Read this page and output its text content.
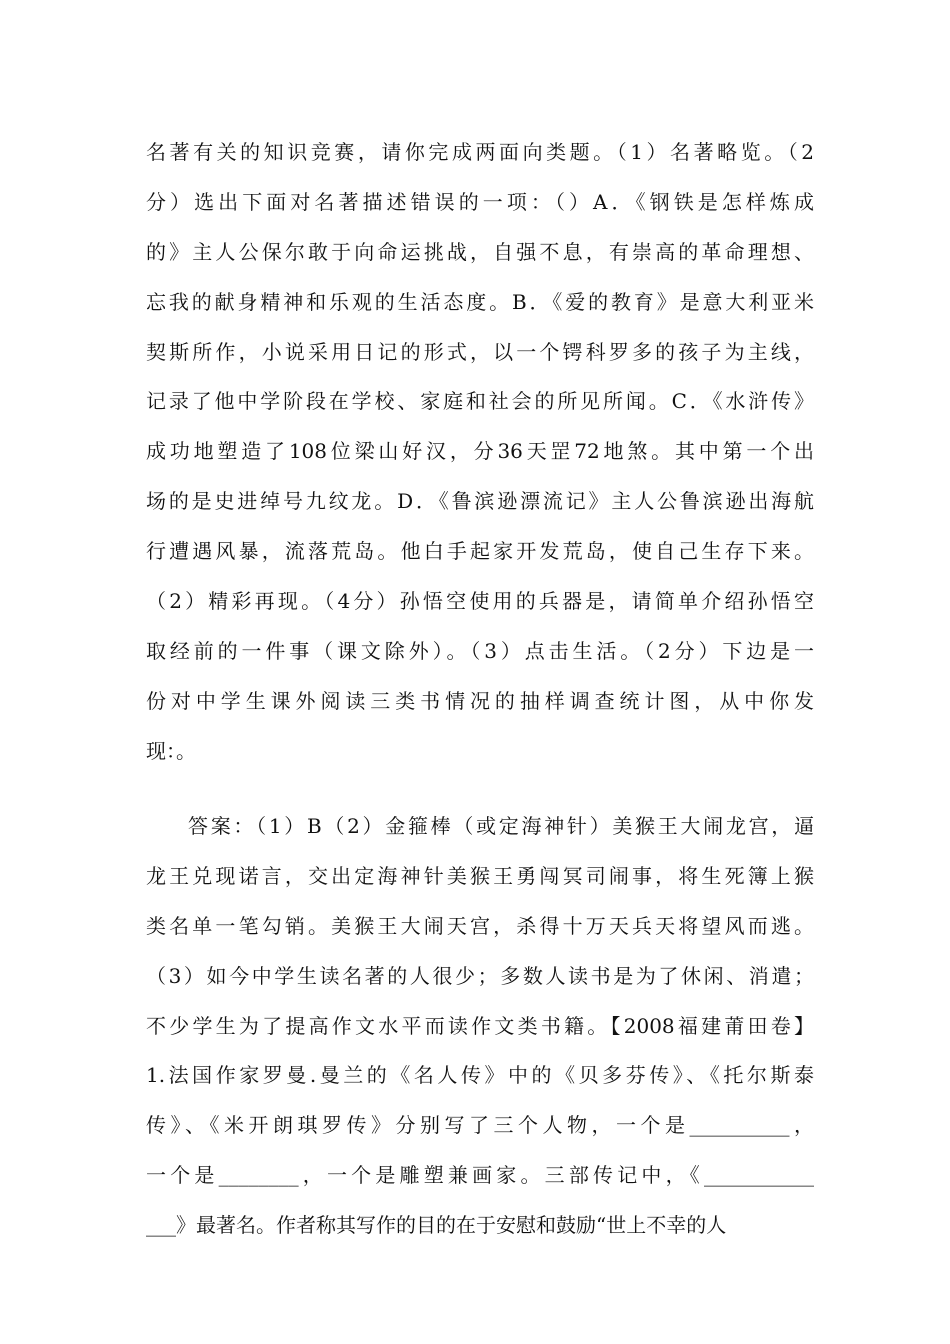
名著有关的知识竞赛，请你完成两面向类题。（1）名著略览。（2
分）选出下面对名著描述错误的一项：（）A．《钢铁是怎样炼成
的》主人公保尔敢于向命运挑战，自强不息，有崇高的革命理想、
忘我的献身精神和乐观的生活态度。B．《爱的教育》是意大利亚米
契斯所作，小说采用日记的形式，以一个锷科罗多的孩子为主线，
记录了他中学阶段在学校、家庭和社会的所见所闻。C．《水浒传》
成功地塑造了108位梁山好汉，分36天罡72地煞。其中第一个出
场的是史进绰号九纹龙。D．《鲁滨逊漂流记》主人公鲁滨逊出海航
行遭遇风暴，流落荒岛。他白手起家开发荒岛，使自己生存下来。
（2）精彩再现。（4分）孙悟空使用的兵器是，请简单介绍孙悟空
取经前的一件事（课文除外）。（3）点击生活。（2分）下边是一
份对中学生课外阅读三类书情况的抽样调查统计图，从中你发
现：。
答案：（1）B（2）金箍棒（或定海神针）美猴王大闹龙宫，逼
龙王兑现诺言，交出定海神针美猴王勇闯冥司闹事，将生死簿上猴
类名单一笔勾销。美猴王大闹天宫，杀得十万天兵天将望风而逃。
（3）如今中学生读名著的人很少；多数人读书是为了休闲、消遣；
不少学生为了提高作文水平而读作文类书籍。【2008福建莆田卷】
1.法国作家罗曼.曼兰的《名人传》中的《贝多芬传》、《托尔斯泰
传》、《米开朗琪罗传》分别写了三个人物，一个是__________，
一个是________，一个是雕塑兼画家。三部传记中，《___________
___》最著名。作者称其写作的目的在于安慰和鼓励“世上不幸的人
